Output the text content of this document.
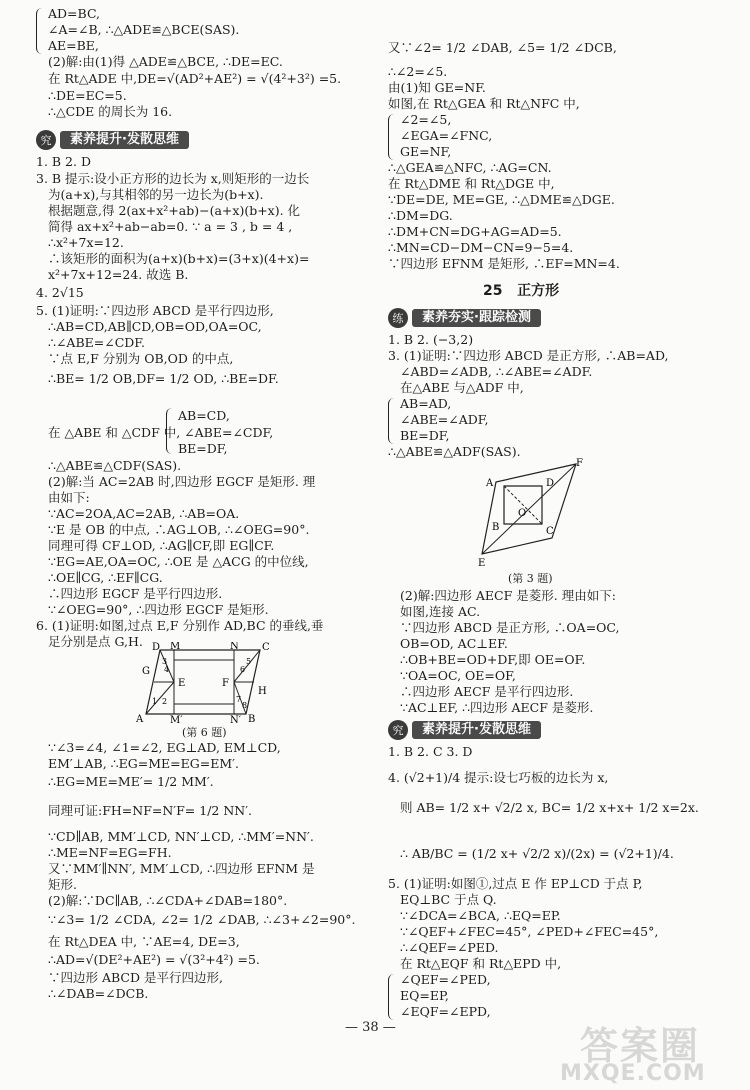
AD=BC,
∠A=∠B, ∴△ADE≌△BCE(SAS).
AE=BE,
(2)解:由(1)得 △ADE≌△BCE, ∴DE=EC.
在 Rt△ADE 中,DE=√(AD²+AE²) = √(4²+3²) =5.
∴DE=EC=5.
∴△CDE 的周长为 16.
究	素养提升·发散思维
1. B 2. D
3. B 提示:设小正方形的边长为 x,则矩形的一边长
为(a+x),与其相邻的另一边长为(b+x).
根据题意,得 2(ax+x²+ab)−(a+x)(b+x). 化
简得 ax+x²+ab−ab=0. ∵ a = 3 , b = 4 ,
∴x²+7x=12.
∴该矩形的面积为(a+x)(b+x)=(3+x)(4+x)=
x²+7x+12=24. 故选 B.
4. 2√15
5. (1)证明:∵四边形 ABCD 是平行四边形,
∴AB=CD,AB∥CD,OB=OD,OA=OC,
∴∠ABE=∠CDF.
∵点 E,F 分别为 OB,OD 的中点,
∴BE= 1/2 OB,DF= 1/2 OD, ∴BE=DF.
AB=CD,
在 △ABE 和 △CDF 中, ∠ABE=∠CDF,
BE=DF,
∴△ABE≌△CDF(SAS).
(2)解:当 AC=2AB 时,四边形 EGCF 是矩形. 理
由如下:
∵AC=2OA,AC=2AB, ∴AB=OA.
∵E 是 OB 的中点, ∴AG⊥OB, ∴∠OEG=90°.
同理可得 CF⊥OD, ∴AG∥CF,即 EG∥CF.
∵EG=AE,OA=OC, ∴OE 是 △ACG 的中位线,
∴OE∥CG, ∴EF∥CG.
∴四边形 EGCF 是平行四边形.
∵∠OEG=90°, ∴四边形 EGCF 是矩形.
6. (1)证明:如图,过点 E,F 分别作 AD,BC 的垂线,垂
足分别是点 G,H.
G
M	N C
D
A	B
M′	N′
E	F
H
1 2
3
4
5
6
7
8
(第 6 题)
∵∠3=∠4, ∠1=∠2, EG⊥AD, EM⊥CD,
EM′⊥AB, ∴EG=ME=EG=EM′.
∴EG=ME=ME′= 1/2 MM′.
同理可证:FH=NF=N′F= 1/2 NN′.
∵CD∥AB, MM′⊥CD, NN′⊥CD, ∴MM′=NN′.
∴ME=NF=EG=FH.
又∵MM′∥NN′, MM′⊥CD, ∴四边形 EFNM 是
矩形.
(2)解:∵DC∥AB, ∴∠CDA+∠DAB=180°.
∵∠3= 1/2 ∠CDA, ∠2= 1/2 ∠DAB, ∴∠3+∠2=90°.
在 Rt△DEA 中, ∵AE=4, DE=3,
∴AD=√(DE²+AE²) = √(3²+4²) =5.
∵四边形 ABCD 是平行四边形,
∴∠DAB=∠DCB.
又∵∠2= 1/2 ∠DAB, ∠5= 1/2 ∠DCB,
∴∠2=∠5.
由(1)知 GE=NF.
如图,在 Rt△GEA 和 Rt△NFC 中,
∠2=∠5,
∠EGA=∠FNC,
GE=NF,
∴△GEA≌△NFC, ∴AG=CN.
在 Rt△DME 和 Rt△DGE 中,
∵DE=DE, ME=GE, ∴△DME≌△DGE.
∴DM=DG.
∴DM+CN=DG+AG=AD=5.
∴MN=CD−DM−CN=9−5=4.
∵四边形 EFNM 是矩形, ∴EF=MN=4.
25 正方形
练	素养夯实·跟踪检测
1. B 2. (−3,2)
3. (1)证明:∵四边形 ABCD 是正方形, ∴AB=AD,
∠ABD=∠ADB, ∴∠ABE=∠ADF.
在△ABE 与△ADF 中,
AB=AD,
∠ABE=∠ADF,
BE=DF,
∴△ABE≌△ADF(SAS).
A
F
D
B
O
C
E
(第 3 题)
(2)解:四边形 AECF 是菱形. 理由如下:
如图,连接 AC.
∵四边形 ABCD 是正方形, ∴OA=OC,
OB=OD, AC⊥EF.
∴OB+BE=OD+DF,即 OE=OF.
∵OA=OC, OE=OF,
∴四边形 AECF 是平行四边形.
∵AC⊥EF, ∴四边形 AECF 是菱形.
究	素养提升·发散思维
1. B 2. C 3. D
4. (√2+1)/4 提示:设七巧板的边长为 x,
则 AB= 1/2 x+ √2/2 x, BC= 1/2 x+x+ 1/2 x=2x.
∴ AB/BC = (1/2 x+ √2/2 x)/(2x) = (√2+1)/4.
5. (1)证明:如图①,过点 E 作 EP⊥CD 于点 P,
EQ⊥BC 于点 Q.
∵∠DCA=∠BCA, ∴EQ=EP.
∵∠QEF+∠FEC=45°, ∠PED+∠FEC=45°,
∴∠QEF=∠PED.
在 Rt△EQF 和 Rt△EPD 中,
∠QEF=∠PED,
EQ=EP,
∠EQF=∠EPD,
— 38 —	答案圈
MXQE.COM
